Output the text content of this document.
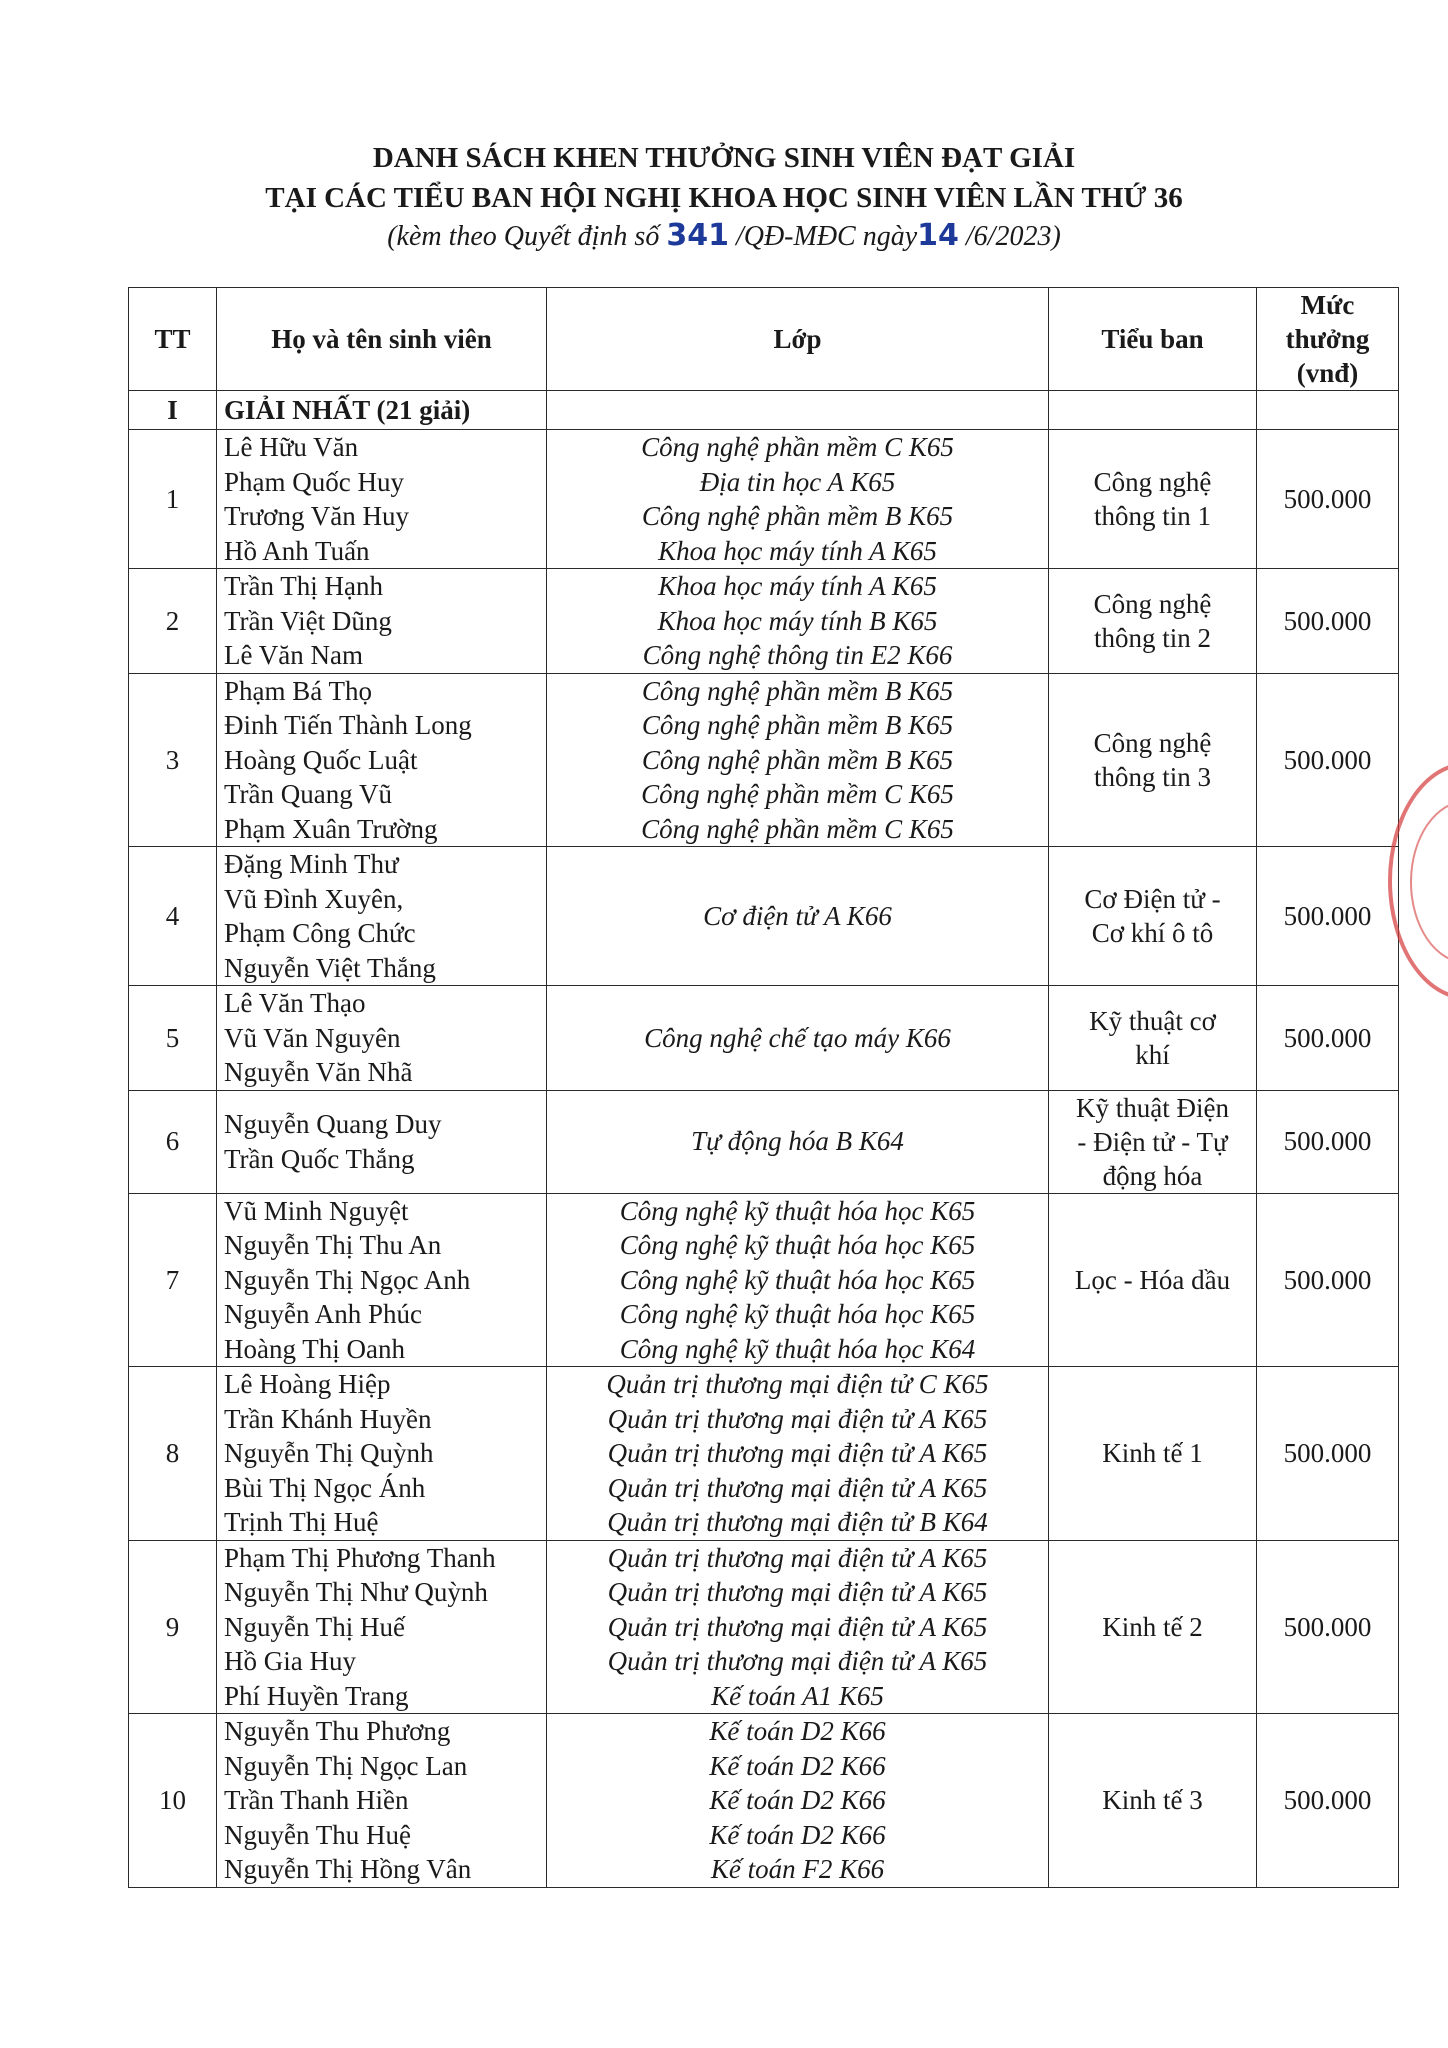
DANH SÁCH KHEN THƯỞNG SINH VIÊN ĐẠT GIẢI
TẠI CÁC TIỂU BAN HỘI NGHỊ KHOA HỌC SINH VIÊN LẦN THỨ 36
(kèm theo Quyết định số 341 /QĐ-MĐC ngày14 /6/2023)
TT	Họ và tên sinh viên	Lớp	Tiểu ban	Mức
thưởng
(vnđ)

I	GIẢI NHẤT (21 giải)			
1	Lê Hữu Văn
Phạm Quốc Huy
Trương Văn Huy
Hồ Anh Tuấn	Công nghệ phần mềm C K65
Địa tin học A K65
Công nghệ phần mềm B K65
Khoa học máy tính A K65	Công nghệ
thông tin 1	500.000
2	Trần Thị Hạnh
Trần Việt Dũng
Lê Văn Nam	Khoa học máy tính A K65
Khoa học máy tính B K65
Công nghệ thông tin E2 K66	Công nghệ
thông tin 2	500.000
3	Phạm Bá Thọ
Đinh Tiến Thành Long
Hoàng Quốc Luật
Trần Quang Vũ
Phạm Xuân Trường	Công nghệ phần mềm B K65
Công nghệ phần mềm B K65
Công nghệ phần mềm B K65
Công nghệ phần mềm C K65
Công nghệ phần mềm C K65	Công nghệ
thông tin 3	500.000
4	Đặng Minh Thư
Vũ Đình Xuyên,
Phạm Công Chức
Nguyễn Việt Thắng	Cơ điện tử A K66	Cơ Điện tử -
Cơ khí ô tô	500.000
5	Lê Văn Thạo
Vũ Văn Nguyên
Nguyễn Văn Nhã	Công nghệ chế tạo máy K66	Kỹ thuật cơ
khí	500.000
6	Nguyễn Quang Duy
Trần Quốc Thắng	Tự động hóa B K64	Kỹ thuật Điện
- Điện tử - Tự
động hóa	500.000
7	Vũ Minh Nguyệt
Nguyễn Thị Thu An
Nguyễn Thị Ngọc Anh
Nguyễn Anh Phúc
Hoàng Thị Oanh	Công nghệ kỹ thuật hóa học K65
Công nghệ kỹ thuật hóa học K65
Công nghệ kỹ thuật hóa học K65
Công nghệ kỹ thuật hóa học K65
Công nghệ kỹ thuật hóa học K64	Lọc - Hóa dầu	500.000
8	Lê Hoàng Hiệp
Trần Khánh Huyền
Nguyễn Thị Quỳnh
Bùi Thị Ngọc Ánh
Trịnh Thị Huệ	Quản trị thương mại điện tử C K65
Quản trị thương mại điện tử A K65
Quản trị thương mại điện tử A K65
Quản trị thương mại điện tử A K65
Quản trị thương mại điện tử B K64	Kinh tế 1	500.000
9	Phạm Thị Phương Thanh
Nguyễn Thị Như Quỳnh
Nguyễn Thị Huế
Hồ Gia Huy
Phí Huyền Trang	Quản trị thương mại điện tử A K65
Quản trị thương mại điện tử A K65
Quản trị thương mại điện tử A K65
Quản trị thương mại điện tử A K65
Kế toán A1 K65	Kinh tế 2	500.000
10	Nguyễn Thu Phương
Nguyễn Thị Ngọc Lan
Trần Thanh Hiền
Nguyễn Thu Huệ
Nguyễn Thị Hồng Vân	Kế toán D2 K66
Kế toán D2 K66
Kế toán D2 K66
Kế toán D2 K66
Kế toán F2 K66	Kinh tế 3	500.000
